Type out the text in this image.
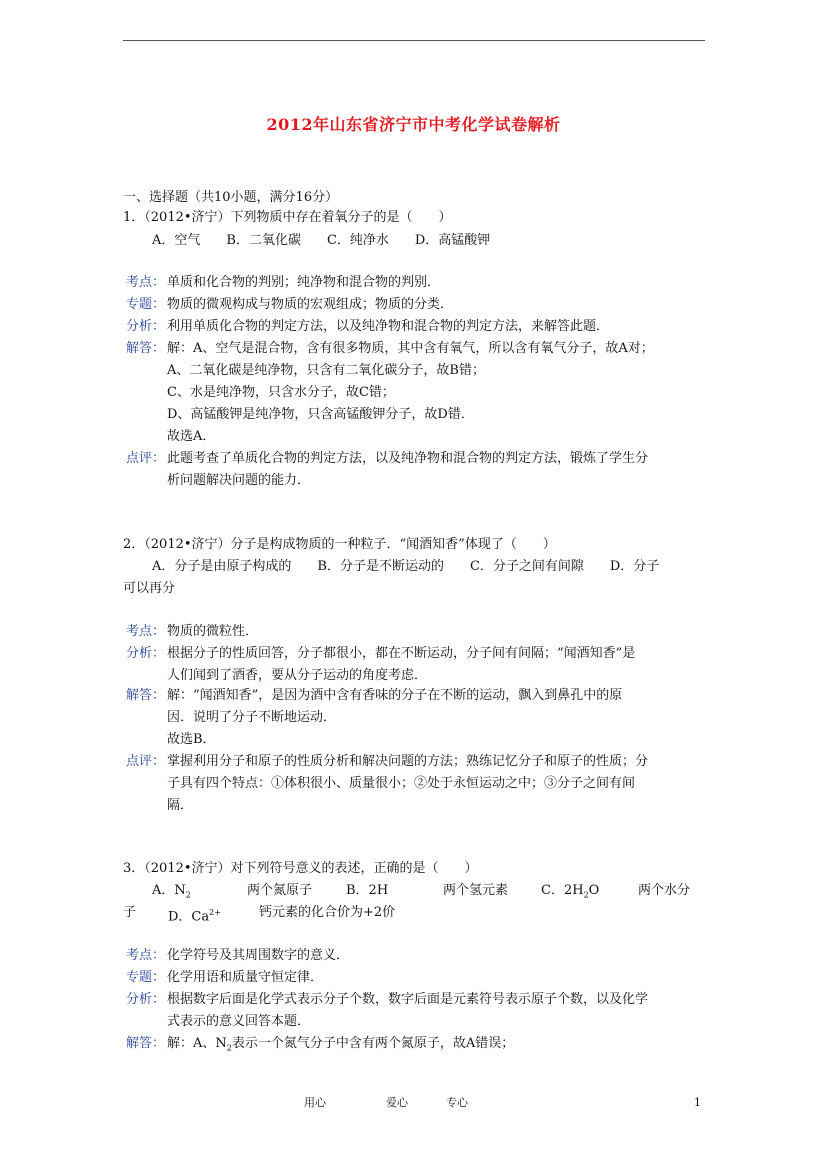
2012年山东省济宁市中考化学试卷解析
一、选择题（共10小题，满分16分）
1．（2012•济宁）下列物质中存在着氧分子的是（　　）
A．空气　　B．二氧化碳　　C．纯净水　　D．高锰酸钾
考点： 单质和化合物的判别；纯净物和混合物的判别．
专题： 物质的微观构成与物质的宏观组成；物质的分类．
分析： 利用单质化合物的判定方法，以及纯净物和混合物的判定方法，来解答此题．
解答： 解：A、空气是混合物，含有很多物质，其中含有氧气，所以含有氧气分子，故A对；
A、二氧化碳是纯净物，只含有二氧化碳分子，故B错；
C、水是纯净物，只含水分子，故C错；
D、高锰酸钾是纯净物，只含高锰酸钾分子，故D错．
故选A．
点评： 此题考查了单质化合物的判定方法，以及纯净物和混合物的判定方法，锻炼了学生分
析问题解决问题的能力．
2．（2012•济宁）分子是构成物质的一种粒子．“闻酒知香”体现了（　　）
A．分子是由原子构成的　　B．分子是不断运动的　　C．分子之间有间隙　　D．分子
可以再分
考点： 物质的微粒性．
分析： 根据分子的性质回答，分子都很小，都在不断运动，分子间有间隔；“闻酒知香”是
人们闻到了酒香，要从分子运动的角度考虑．
解答： 解：“闻酒知香”，是因为酒中含有香味的分子在不断的运动，飘入到鼻孔中的原
因．说明了分子不断地运动．
故选B．
点评： 掌握利用分子和原子的性质分析和解决问题的方法；熟练记忆分子和原子的性质；分
子具有四个特点：①体积很小、质量很小；②处于永恒运动之中；③分子之间有间
隔．
3．（2012•济宁）对下列符号意义的表述，正确的是（　　）
A．$N_2$	两个氮原子	B．2H	两个氢元素	C．$2H_2O$	两个水分
子 D．$Ca^{2+}$	钙元素的化合价为+2价
考点： 化学符号及其周围数字的意义．
专题： 化学用语和质量守恒定律．
分析： 根据数字后面是化学式表示分子个数，数字后面是元素符号表示原子个数，以及化学
式表示的意义回答本题．
解答： 解：A、$N_2$表示一个氮气分子中含有两个氮原子，故A错误；
用心	爱心	专心	1
